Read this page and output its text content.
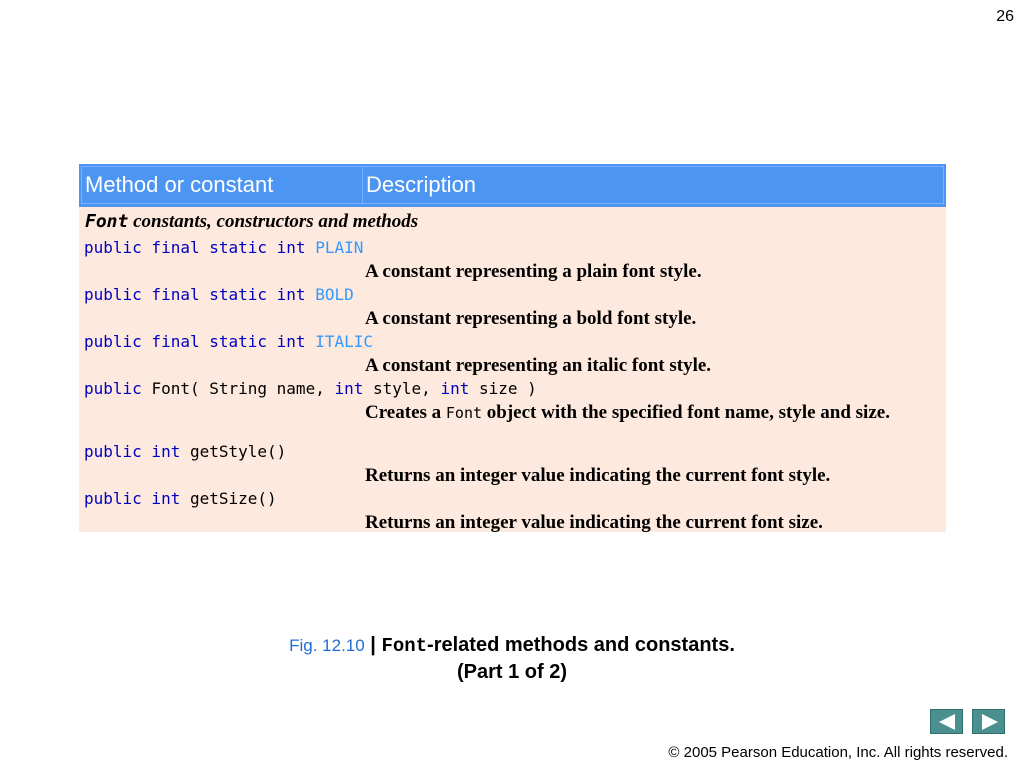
26
Method or constant	Description
Font constants, constructors and methods
public final static int PLAIN
A constant representing a plain font style.
public final static int BOLD
A constant representing a bold font style.
public final static int ITALIC
A constant representing an italic font style.
public Font( String name, int style, int size )
Creates a Font object with the specified font name, style and size.
public int getStyle()
Returns an integer value indicating the current font style.
public int getSize()
Returns an integer value indicating the current font size.
Fig. 12.10 | Font-related methods and constants.
(Part 1 of 2)
© 2005 Pearson Education, Inc. All rights reserved.
